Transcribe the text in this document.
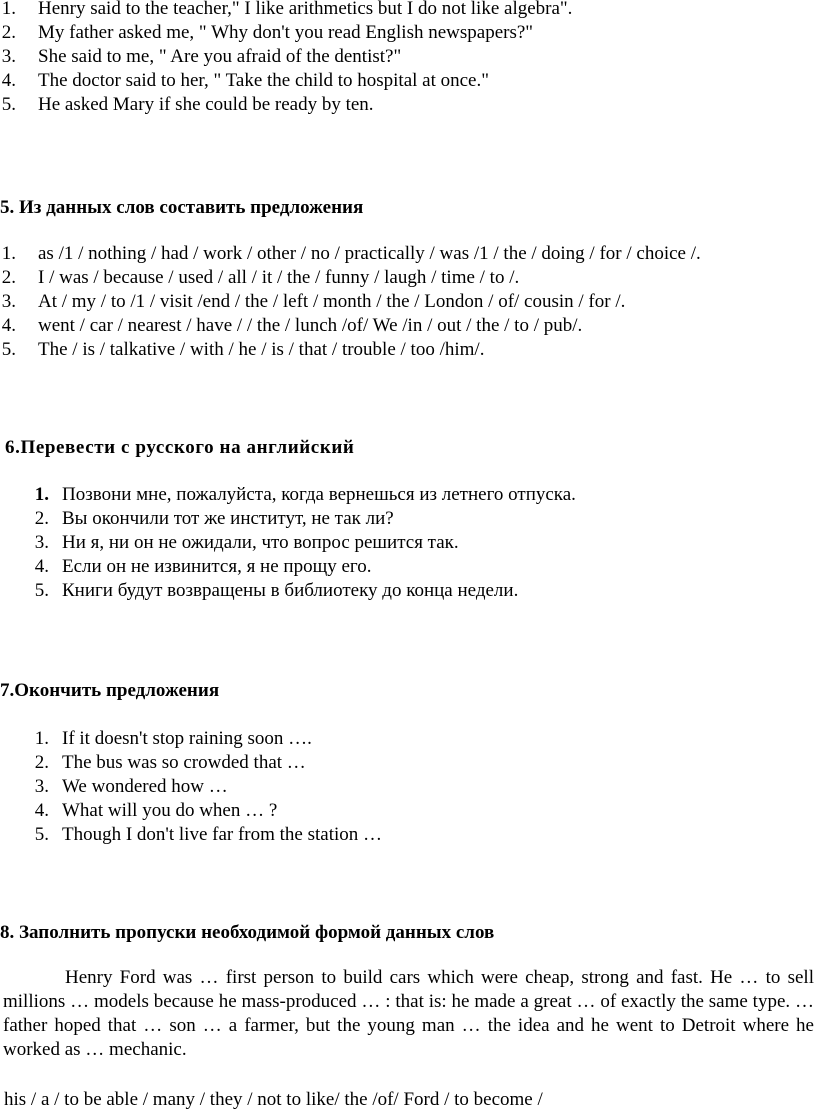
1. Henry said to the teacher," I like arithmetics but I do not like algebra".
2. My father asked me, " Why don't you read English newspapers?"
3. She said to me, " Are you afraid of the dentist?"
4. The doctor said to her, " Take the child to hospital at once."
5. He asked Mary if she could be ready by ten.
5. Из данных слов составить предложения
1. as /1 / nothing / had / work / other / no / practically / was /1 / the / doing / for / choice /.
2. I / was / because / used / all / it / the / funny / laugh / time / to /.
3. At / my / to /1 / visit /end / the / left / month / the / London / of/ cousin / for /.
4. went / car / nearest / have / / the / lunch /of/ We /in / out / the / to / pub/.
5. The / is / talkative / with / he / is / that / trouble / too /him/.
6.Перевести с русского на английский
1. Позвони мне, пожалуйста, когда вернешься из летнего отпуска.
2. Вы окончили тот же институт, не так ли?
3. Ни я, ни он не ожидали, что вопрос решится так.
4. Если он не извинится, я не прощу его.
5. Книги будут возвращены в библиотеку до конца недели.
7.Окончить предложения
1. If it doesn't stop raining soon ….
2. The bus was so crowded that …
3. We wondered how …
4. What will you do when … ?
5. Though I don't live far from the station …
8. Заполнить пропуски необходимой формой данных слов
Henry Ford was … first person to build cars which were cheap, strong and fast. He … to sell millions … models because he mass-produced … : that is: he made a great … of exactly the same type. … father hoped that … son … a farmer, but the young man … the idea and he went to Detroit where he worked as … mechanic.
his / a / to be able / many / they / not to like/ the /of/ Ford / to become /
